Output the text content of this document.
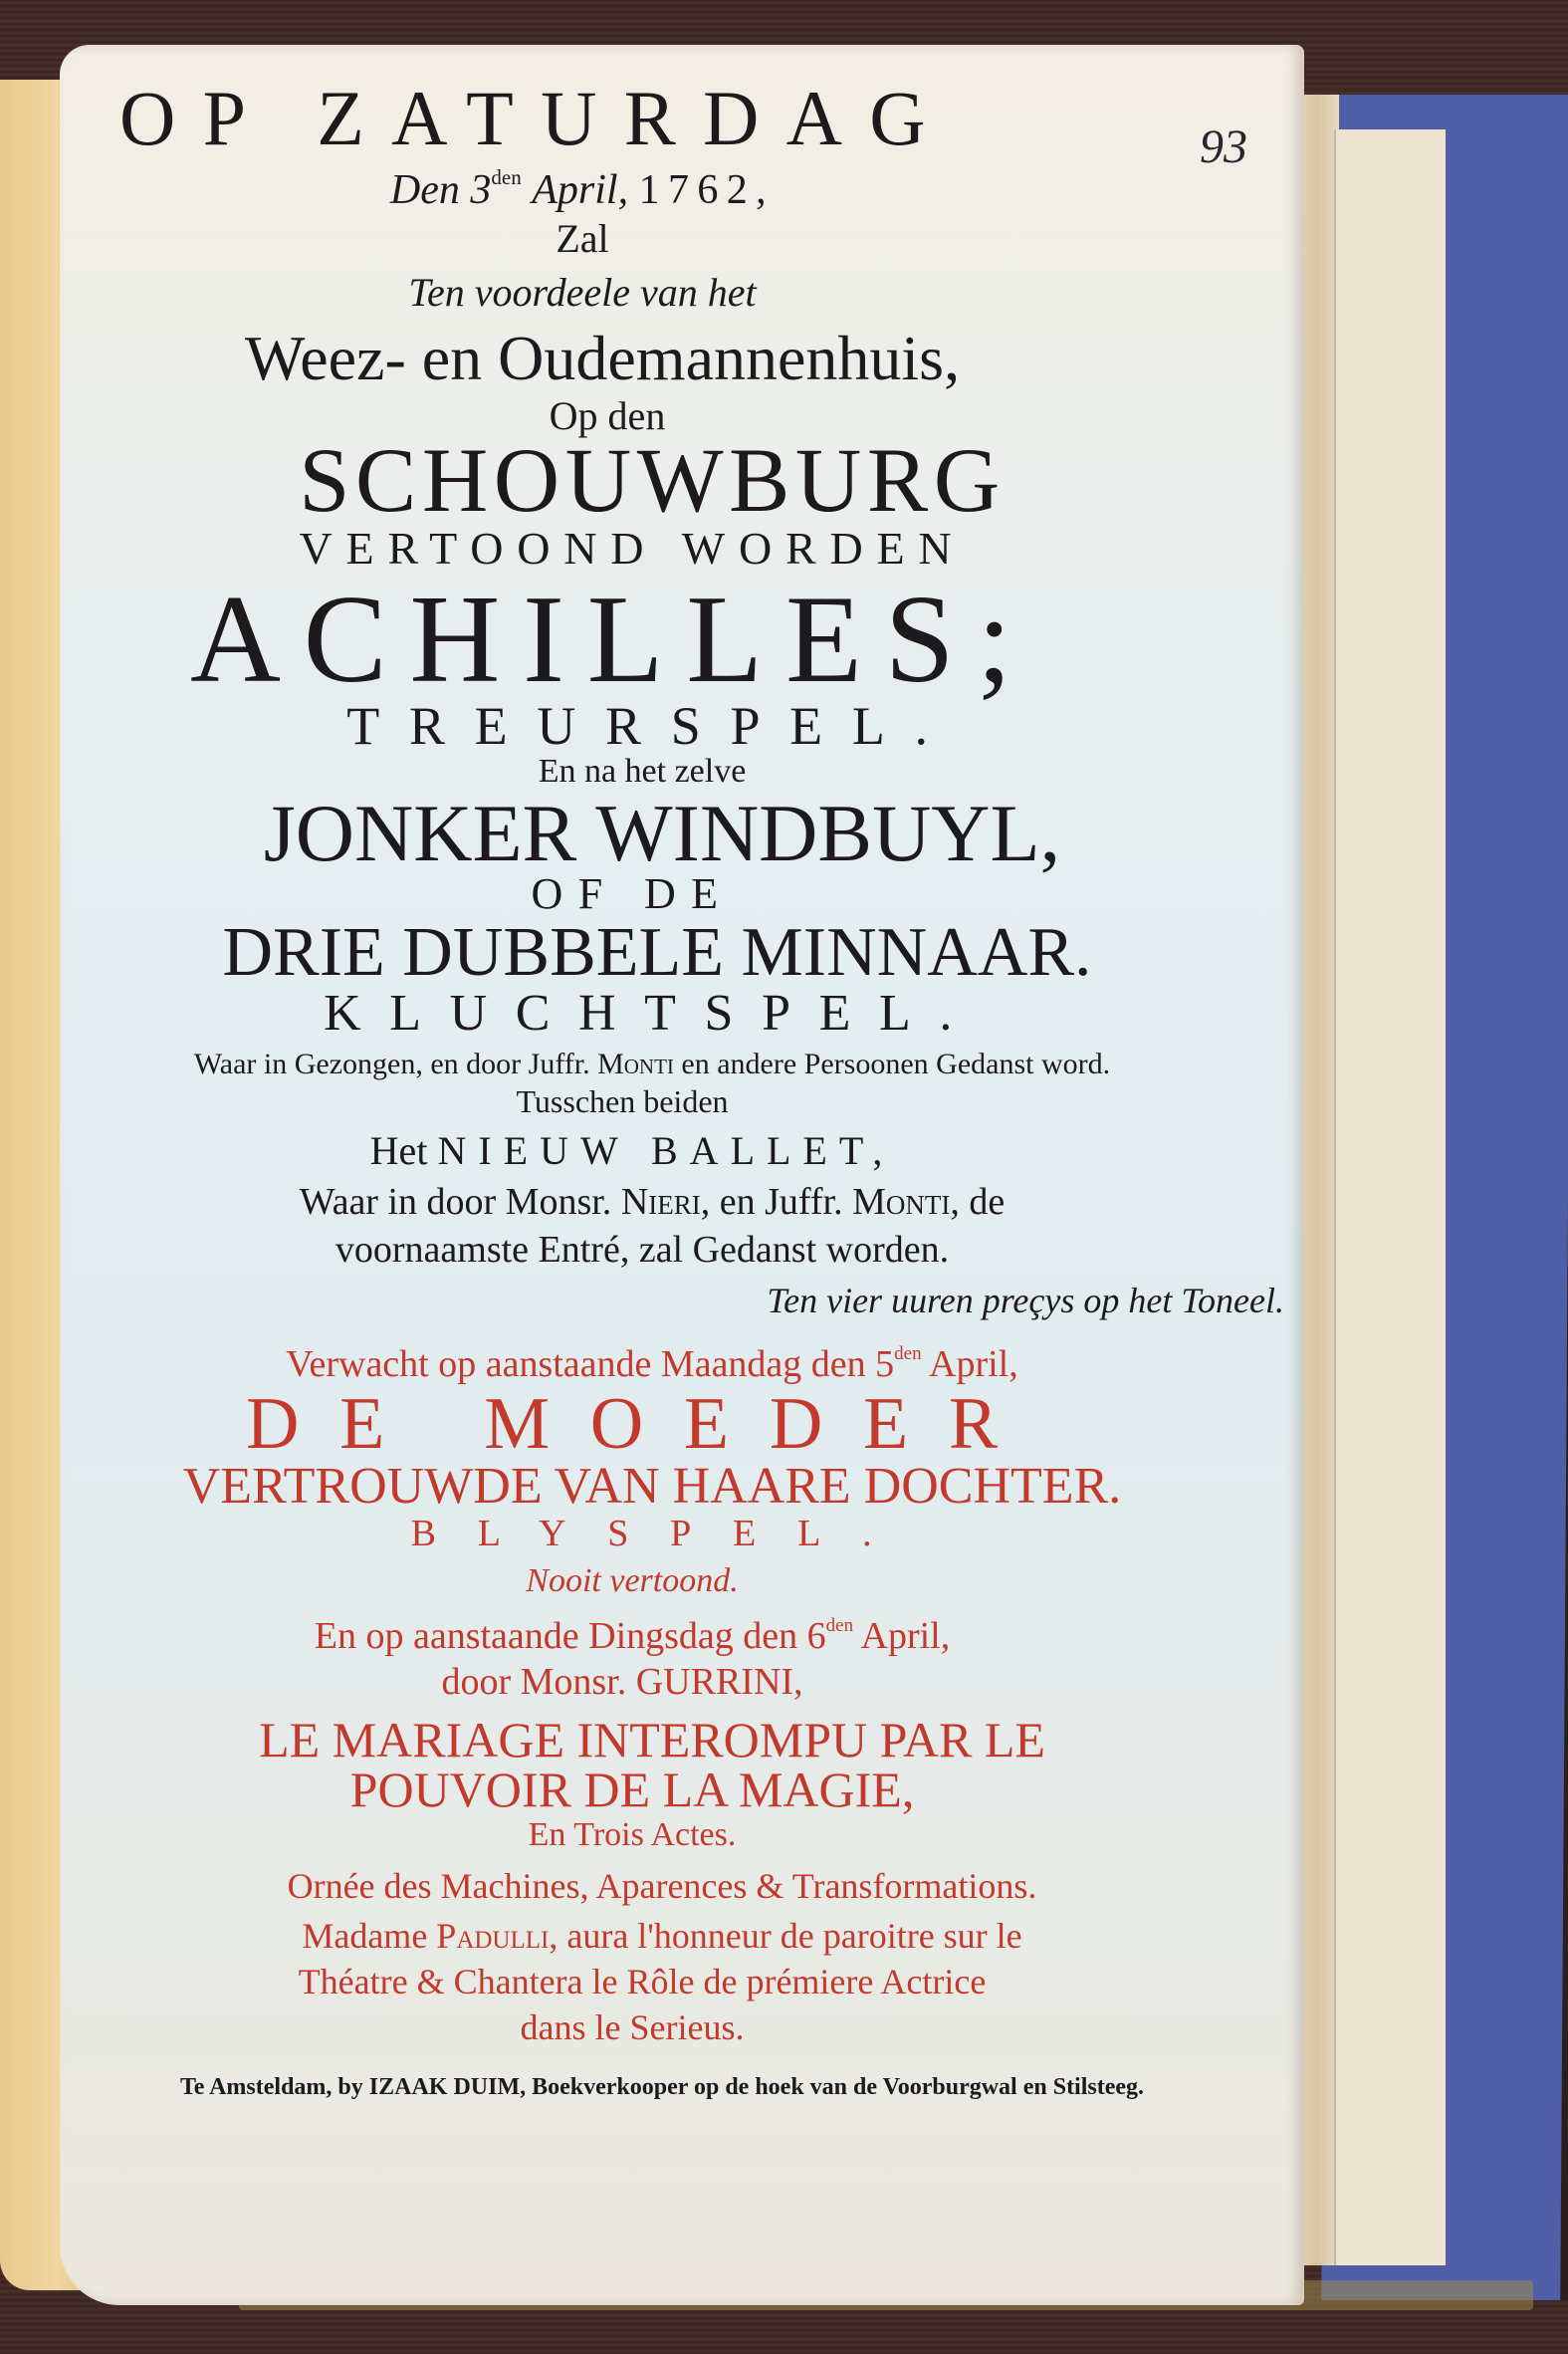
93
OP ZATURDAG
Den $3^{den}$ April, 1762,
Zal
Ten voordeele van het
Weez- en Oudemannenhuis,
Op den
SCHOUWBURG
VERTOOND WORDEN
ACHILLES;
TREURSPEL.
En na het zelve
JONKER WINDBUYL,
OF DE
DRIE DUBBELE MINNAAR.
KLUCHTSPEL.
Waar in Gezongen, en door Juffr. Monti en andere Persoonen Gedanst word.
Tusschen beiden
Het NIEUW BALLET,
Waar in door Monsr. Nieri, en Juffr. Monti, de
voornaamste Entré, zal Gedanst worden.
Ten vier uuren preçys op het Toneel.
Verwacht op aanstaande Maandag den $5^{den}$ April,
DE MOEDER
VERTROUWDE VAN HAARE DOCHTER.
BLYSPEL.
Nooit vertoond.
En op aanstaande Dingsdag den $6^{den}$ April,
door Monsr. GURRINI,
LE MARIAGE INTEROMPU PAR LE
POUVOIR DE LA MAGIE,
En Trois Actes.
Ornée des Machines, Aparences & Transformations.
Madame Padulli, aura l'honneur de paroitre sur le
Théatre & Chantera le Rôle de prémiere Actrice
dans le Serieus.
Te Amsteldam, by IZAAK DUIM, Boekverkooper op de hoek van de Voorburgwal en Stilsteeg.
